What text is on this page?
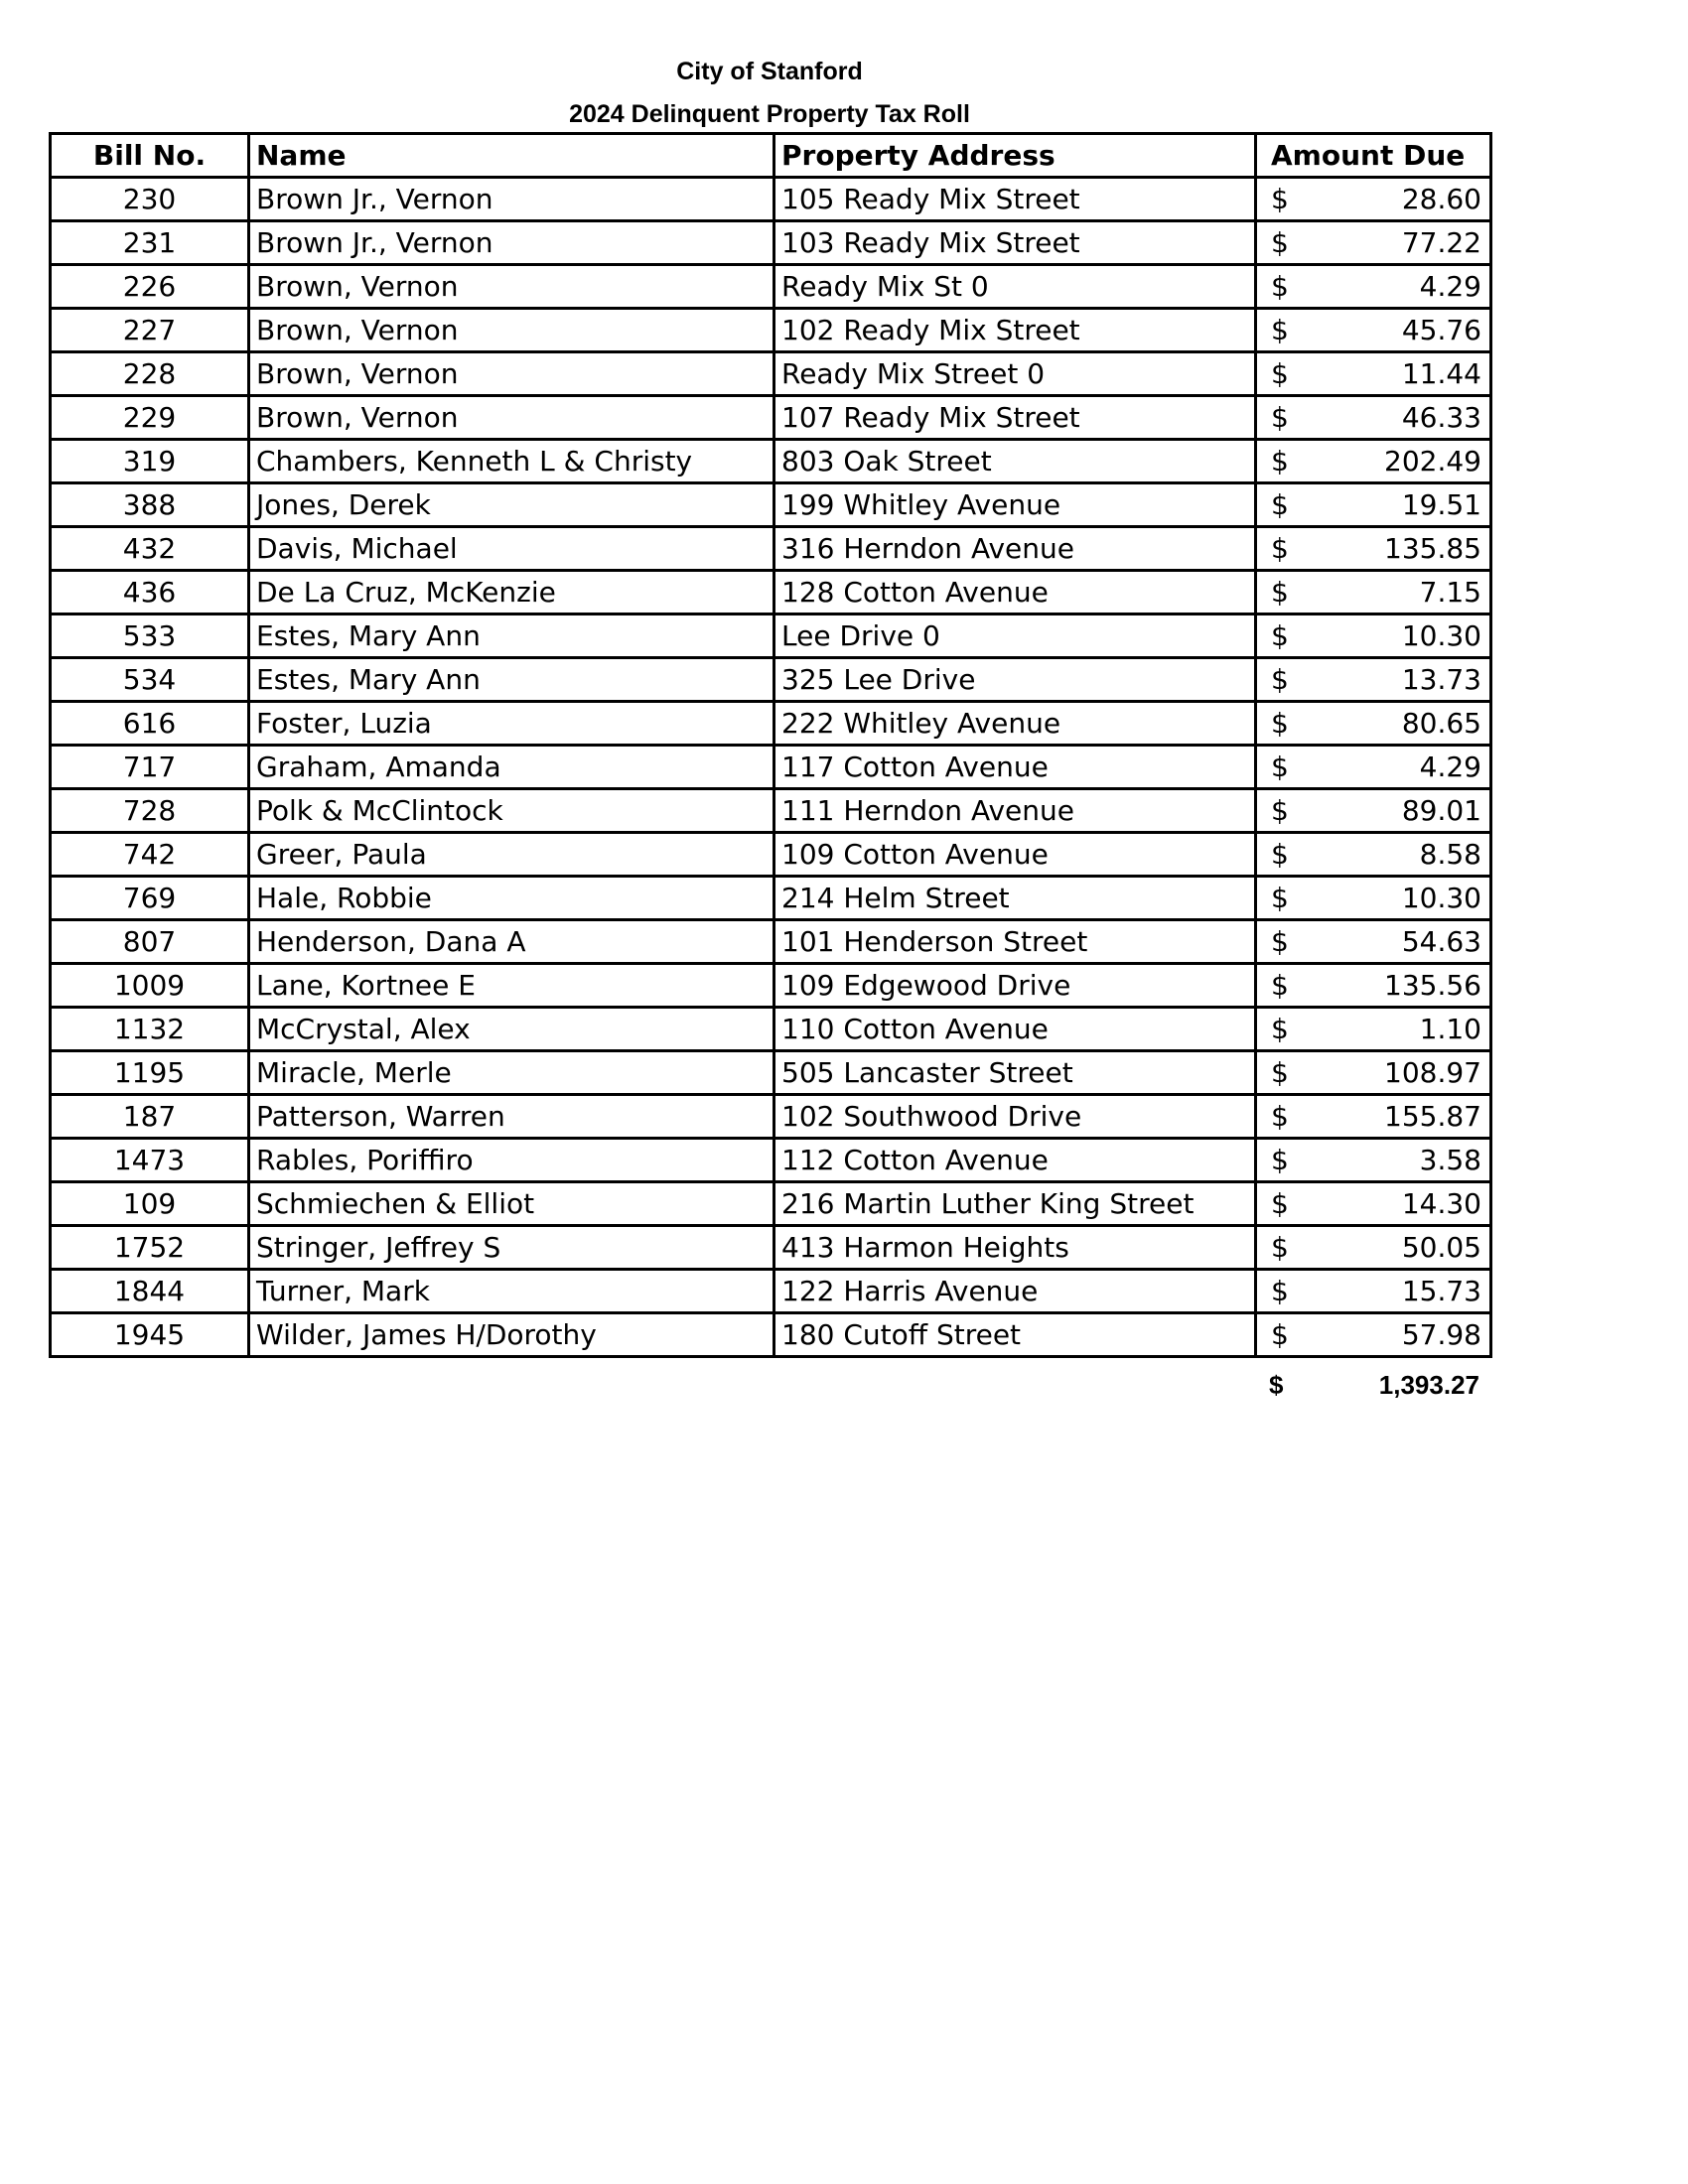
City of Stanford
2024 Delinquent Property Tax Roll
Bill No.	Name	Property Address	Amount Due
230	Brown Jr., Vernon	105 Ready Mix Street	$ 28.60

231	Brown Jr., Vernon	103 Ready Mix Street	$ 77.22

226	Brown, Vernon	Ready Mix St 0	$ 4.29

227	Brown, Vernon	102 Ready Mix Street	$ 45.76

228	Brown, Vernon	Ready Mix Street 0	$ 11.44

229	Brown, Vernon	107 Ready Mix Street	$ 46.33

319	Chambers, Kenneth L & Christy	803 Oak Street	$ 202.49

388	Jones, Derek	199 Whitley Avenue	$ 19.51

432	Davis, Michael	316 Herndon Avenue	$ 135.85

436	De La Cruz, McKenzie	128 Cotton Avenue	$ 7.15

533	Estes, Mary Ann	Lee Drive 0	$ 10.30

534	Estes, Mary Ann	325 Lee Drive	$ 13.73

616	Foster, Luzia	222 Whitley Avenue	$ 80.65

717	Graham, Amanda	117 Cotton Avenue	$ 4.29

728	Polk & McClintock	111 Herndon Avenue	$ 89.01

742	Greer, Paula	109 Cotton Avenue	$ 8.58

769	Hale, Robbie	214 Helm Street	$ 10.30

807	Henderson, Dana A	101 Henderson Street	$ 54.63

1009	Lane, Kortnee E	109 Edgewood Drive	$ 135.56

1132	McCrystal, Alex	110 Cotton Avenue	$ 1.10

1195	Miracle, Merle	505 Lancaster Street	$ 108.97

187	Patterson, Warren	102 Southwood Drive	$ 155.87

1473	Rables, Poriffiro	112 Cotton Avenue	$ 3.58

109	Schmiechen & Elliot	216 Martin Luther King Street	$ 14.30

1752	Stringer, Jeffrey S	413 Harmon Heights	$ 50.05

1844	Turner, Mark	122 Harris Avenue	$ 15.73

1945	Wilder, James H/Dorothy	180 Cutoff Street	$ 57.98
$	1,393.27
